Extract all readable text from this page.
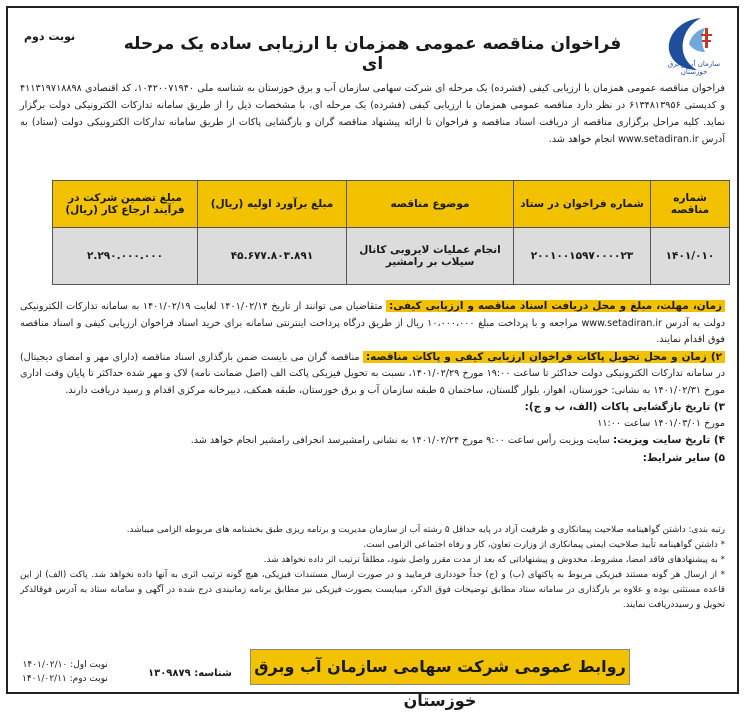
نوبت دوم	فراخوان مناقصه عمومی همزمان با ارزیابی ساده یک مرحله ای	سازمان آب و برق خوزستان
فراخوان مناقصه عمومی همزمان با ارزیابی کیفی (فشرده) یک مرحله ای شرکت سهامی سازمان آب و برق خوزستان به شناسه ملی ۱۰۴۲۰۰۷۱۹۴۰، کد اقتصادی ۴۱۱۳۱۹۷۱۸۸۹۸ و کدپستی ۶۱۳۴۸۱۳۹۵۶ در نظر دارد مناقصه عمومی همزمان با ارزیابی کیفی (فشرده) یک مرحله ای، با مشخصات ذیل را از طریق سامانه تدارکات الکترونیکی دولت برگزار نماید. کلیه مراحل برگزاری مناقصه از دریافت اسناد مناقصه و فراخوان تا ارائه پیشنهاد مناقصه گران و بازگشایی پاکات از طریق سامانه تدارکات الکترونیکی دولت (ستاد) به آدرس www.setadiran.ir انجام خواهد شد.
شماره مناقصه	شماره فراخوان در ستاد	موضوع مناقصه	مبلغ برآورد اولیه (ریال)	مبلغ تضمین شرکت در فرآیند ارجاع کار (ریال)
۱۴۰۱/۰۱۰	۲۰۰۱۰۰۱۵۹۷۰۰۰۰۲۳	انجام عملیات لایروبی کانال سیلاب بر رامشیر	۴۵.۶۷۷.۸۰۳.۸۹۱	۲.۲۹۰.۰۰۰.۰۰۰
زمان، مهلت، مبلغ و محل دریافت اسناد مناقصه و ارزیابی کیفی: متقاضیان می توانند از تاریخ ۱۴۰۱/۰۲/۱۴ لغایت ۱۴۰۱/۰۲/۱۹ به سامانه تدارکات الکترونیکی دولت به آدرس www.setadiran.ir مراجعه و با پرداخت مبلغ ۱۰،۰۰۰،۰۰۰ ریال از طریق درگاه پرداخت اینترنتی سامانه برای خرید اسناد فراخوان ارزیابی کیفی و اسناد مناقصه فوق اقدام نمایند.
۲) زمان و محل تحویل پاکات فراخوان ارزیابی کیفی و پاکات مناقصه: مناقصه گران می بایست ضمن بارگذاری اسناد مناقصه (دارای مهر و امضای دیجیتال) در سامانه تدارکات الکترونیکی دولت حداکثر تا ساعت ۱۹:۰۰ مورخ ۱۴۰۱/۰۲/۲۹، نسبت به تحویل فیزیکی پاکت الف (اصل ضمانت نامه) لاک و مهر شده حداکثر تا پایان وقت اداری مورخ ۱۴۰۱/۰۲/۳۱ به نشانی: خوزستان، اهواز، بلوار گلستان، ساختمان ۵ طبقه سازمان آب و برق خوزستان، طبقه همکف، دبیرخانه مرکزی اقدام و رسید دریافت دارند.
۳) تاریخ بازگشایی پاکات (الف، ب و ج):
مورخ ۱۴۰۱/۰۳/۰۱ ساعت ۱۱:۰۰
۴) تاریخ سایت ویزیت: سایت ویزیت رأس ساعت ۹:۰۰ مورخ ۱۴۰۱/۰۲/۲۴ به نشانی رامشیرسد انحرافی رامشیر انجام خواهد شد.
۵) سایر شرایط:
رتبه بندی: داشتن گواهینامه صلاحیت پیمانکاری و ظرفیت آزاد در پایه حداقل ۵ رشته آب از سازمان مدیریت و برنامه ریزی طبق بخشنامه های مربوطه الزامی میباشد.
* داشتن گواهینامه تأیید صلاحیت ایمنی پیمانکاری از وزارت تعاون، کار و رفاه اجتماعی الزامی است.
* به پیشنهادهای فاقد امضا، مشروط، مخدوش و پیشنهاداتی که بعد از مدت مقرر واصل شود، مطلقاً ترتیب اثر داده نخواهد شد.
* از ارسال هر گونه مستند فیزیکی مربوط به پاکتهای (ب) و (ج) جداً خودداری فرمایید و در صورت ارسال مستندات فیزیکی، هیچ گونه ترتیب اثری به آنها داده نخواهد شد. پاکت (الف) از این قاعده مستثنی بوده و علاوه بر بارگذاری در سامانه ستاد مطابق توضیحات فوق الذکر، میبایست بصورت فیزیکی نیز مطابق برنامه زمانبندی درج شده در آگهی و سامانه ستاد به آدرس فوقالذکر تحویل و رسیددریافت نمایند.
نوبت اول: ۱۴۰۱/۰۲/۱۰
نوبت دوم: ۱۴۰۱/۰۲/۱۱	شناسه: ۱۳۰۹۸۷۹	روابط عمومی شرکت سهامی سازمان آب وبرق خوزستان
